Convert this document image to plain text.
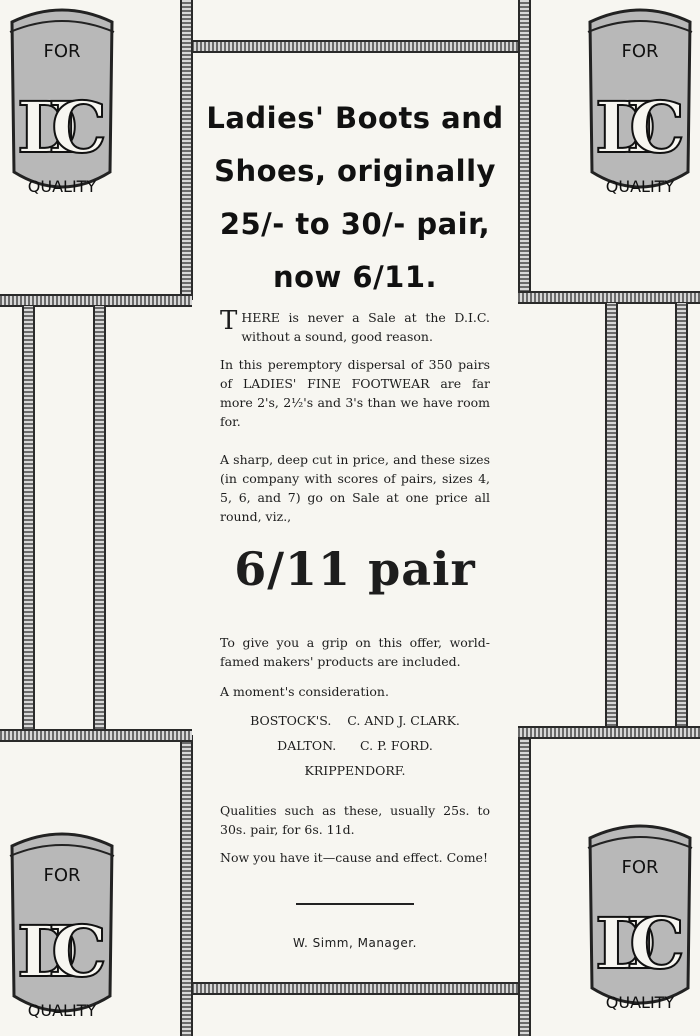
FOR
DIC
QUALITY
FOR
DIC
QUALITY
FOR
DIC
QUALITY
FOR
DIC
QUALITY
Ladies' Boots and
Shoes, originally
25/- to 30/- pair,
now 6/11.
T HERE is never a Sale at the D.I.C. without a sound, good reason.

In this peremptory dispersal of 350 pairs of LADIES' FINE FOOTWEAR are far more 2's, 2½'s and 3's than we have room for.

A sharp, deep cut in price, and these sizes (in company with scores of pairs, sizes 4, 5, 6, and 7) go on Sale at one price all round, viz.,

6/11 pair

To give you a grip on this offer, world-famed makers' products are included.

A moment's consideration.

BOSTOCK'S. C. AND J. CLARK.
DALTON. C. P. FORD.
KRIPPENDORF.

Qualities such as these, usually 25s. to 30s. pair, for 6s. 11d.

Now you have it—cause and effect. Come!

W. Simm, Manager.
